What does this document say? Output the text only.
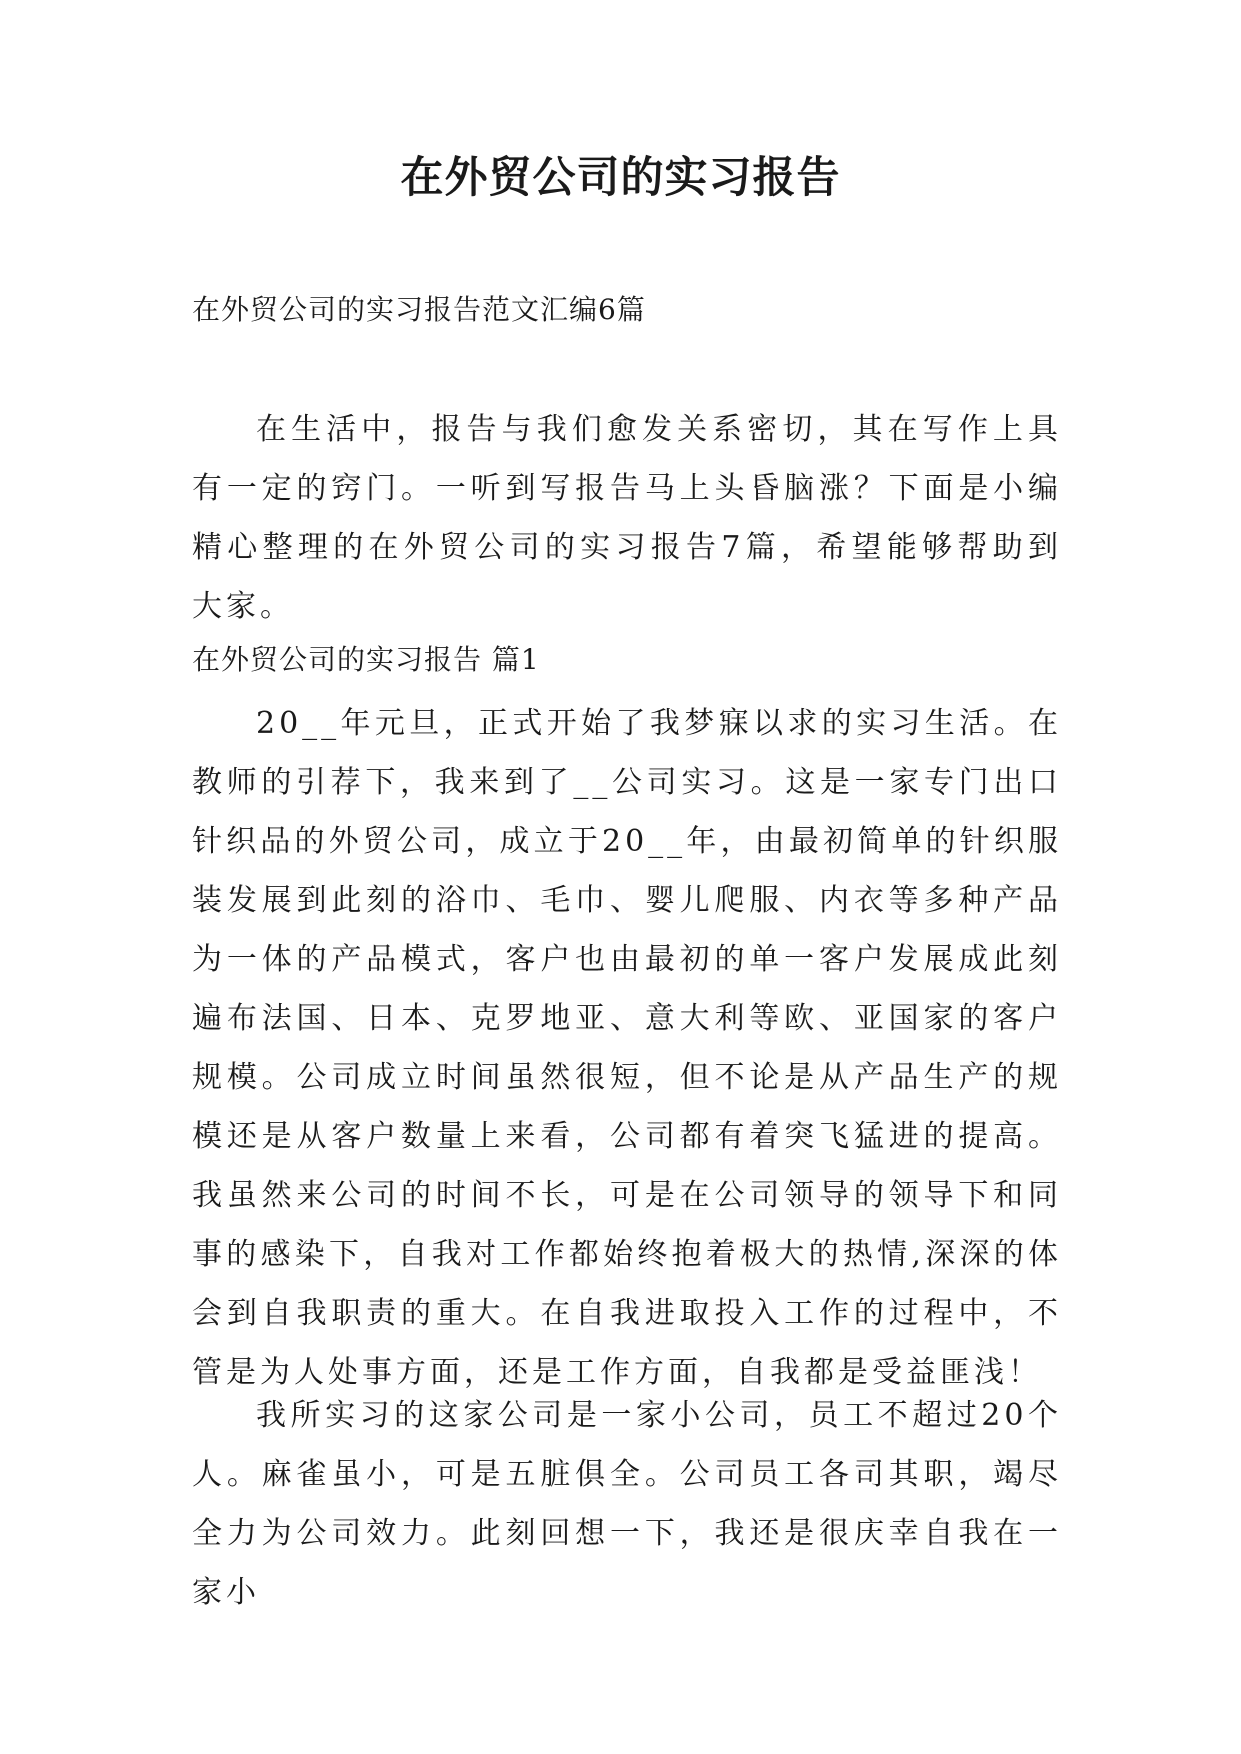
在外贸公司的实习报告
在外贸公司的实习报告范文汇编6篇
在生活中，报告与我们愈发关系密切，其在写作上具有一定的窍门。一听到写报告马上头昏脑涨？下面是小编精心整理的在外贸公司的实习报告7篇，希望能够帮助到大家。
在外贸公司的实习报告 篇1
20__年元旦，正式开始了我梦寐以求的实习生活。在教师的引荐下，我来到了__公司实习。这是一家专门出口针织品的外贸公司，成立于20__年，由最初简单的针织服装发展到此刻的浴巾、毛巾、婴儿爬服、内衣等多种产品为一体的产品模式，客户也由最初的单一客户发展成此刻遍布法国、日本、克罗地亚、意大利等欧、亚国家的客户规模。公司成立时间虽然很短，但不论是从产品生产的规模还是从客户数量上来看，公司都有着突飞猛进的提高。我虽然来公司的时间不长，可是在公司领导的领导下和同事的感染下，自我对工作都始终抱着极大的热情,深深的体会到自我职责的重大。在自我进取投入工作的过程中，不管是为人处事方面，还是工作方面，自我都是受益匪浅！
我所实习的这家公司是一家小公司，员工不超过20个人。麻雀虽小，可是五脏俱全。公司员工各司其职，竭尽全力为公司效力。此刻回想一下，我还是很庆幸自我在一家小
